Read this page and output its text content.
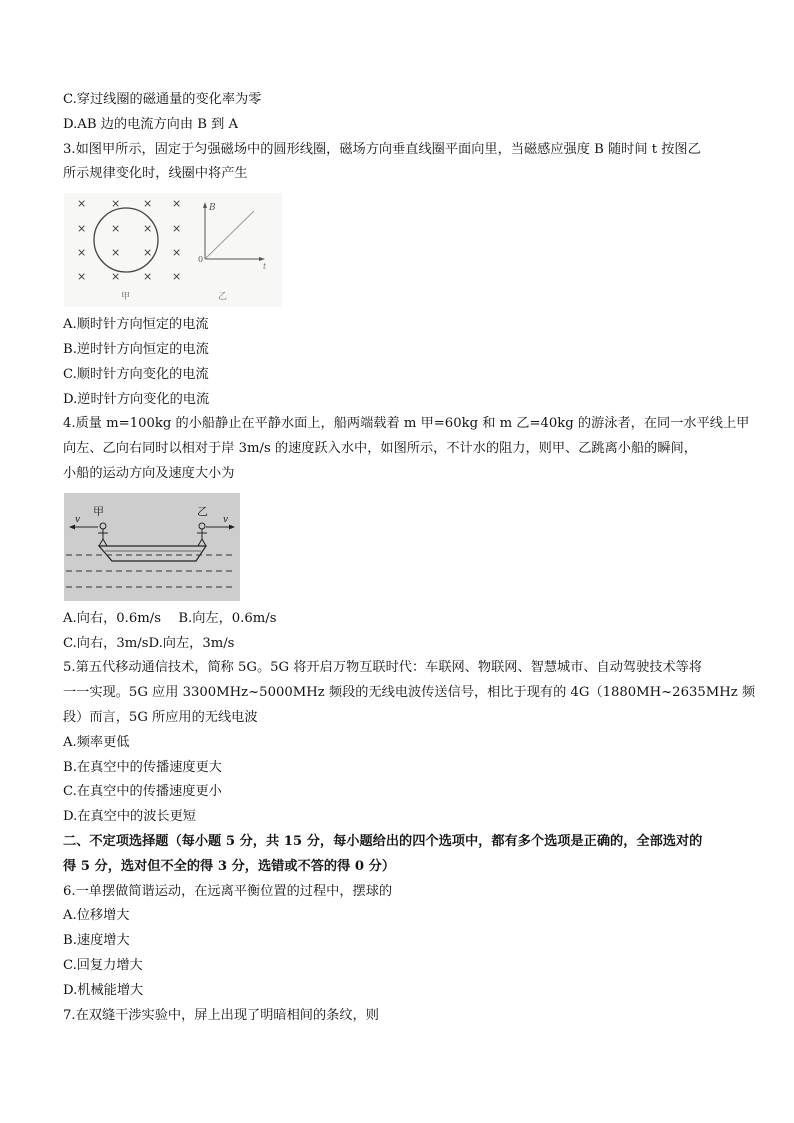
C.穿过线圈的磁通量的变化率为零
D.AB 边的电流方向由 B 到 A
3.如图甲所示，固定于匀强磁场中的圆形线圈，磁场方向垂直线圈平面向里，当磁感应强度 B 随时间 t 按图乙
所示规律变化时，线圈中将产生
× × × ×
× × × ×
× × × ×
× × × ×
B
t
0
甲	乙
A.顺时针方向恒定的电流
B.逆时针方向恒定的电流
C.顺时针方向变化的电流
D.逆时针方向变化的电流
4.质量 m=100kg 的小船静止在平静水面上，船两端载着 m 甲=60kg 和 m 乙=40kg 的游泳者，在同一水平线上甲
向左、乙向右同时以相对于岸 3m/s 的速度跃入水中，如图所示，不计水的阻力，则甲、乙跳离小船的瞬间，
小船的运动方向及速度大小为
v	v
甲	乙
A.向右，0.6m/s　 B.向左，0.6m/s
C.向右，3m/sD.向左，3m/s
5.第五代移动通信技术，简称 5G。5G 将开启万物互联时代：车联网、物联网、智慧城市、自动驾驶技术等将
一一实现。5G 应用 3300MHz~5000MHz 频段的无线电波传送信号，相比于现有的 4G（1880MH~2635MHz 频
段）而言，5G 所应用的无线电波
A.频率更低
B.在真空中的传播速度更大
C.在真空中的传播速度更小
D.在真空中的波长更短
二、不定项选择题（每小题 5 分，共 15 分，每小题给出的四个选项中，都有多个选项是正确的，全部选对的
得 5 分，选对但不全的得 3 分，选错或不答的得 0 分）
6.一单摆做简谐运动，在远离平衡位置的过程中，摆球的
A.位移增大
B.速度增大
C.回复力增大
D.机械能增大
7.在双缝干涉实验中，屏上出现了明暗相间的条纹，则
